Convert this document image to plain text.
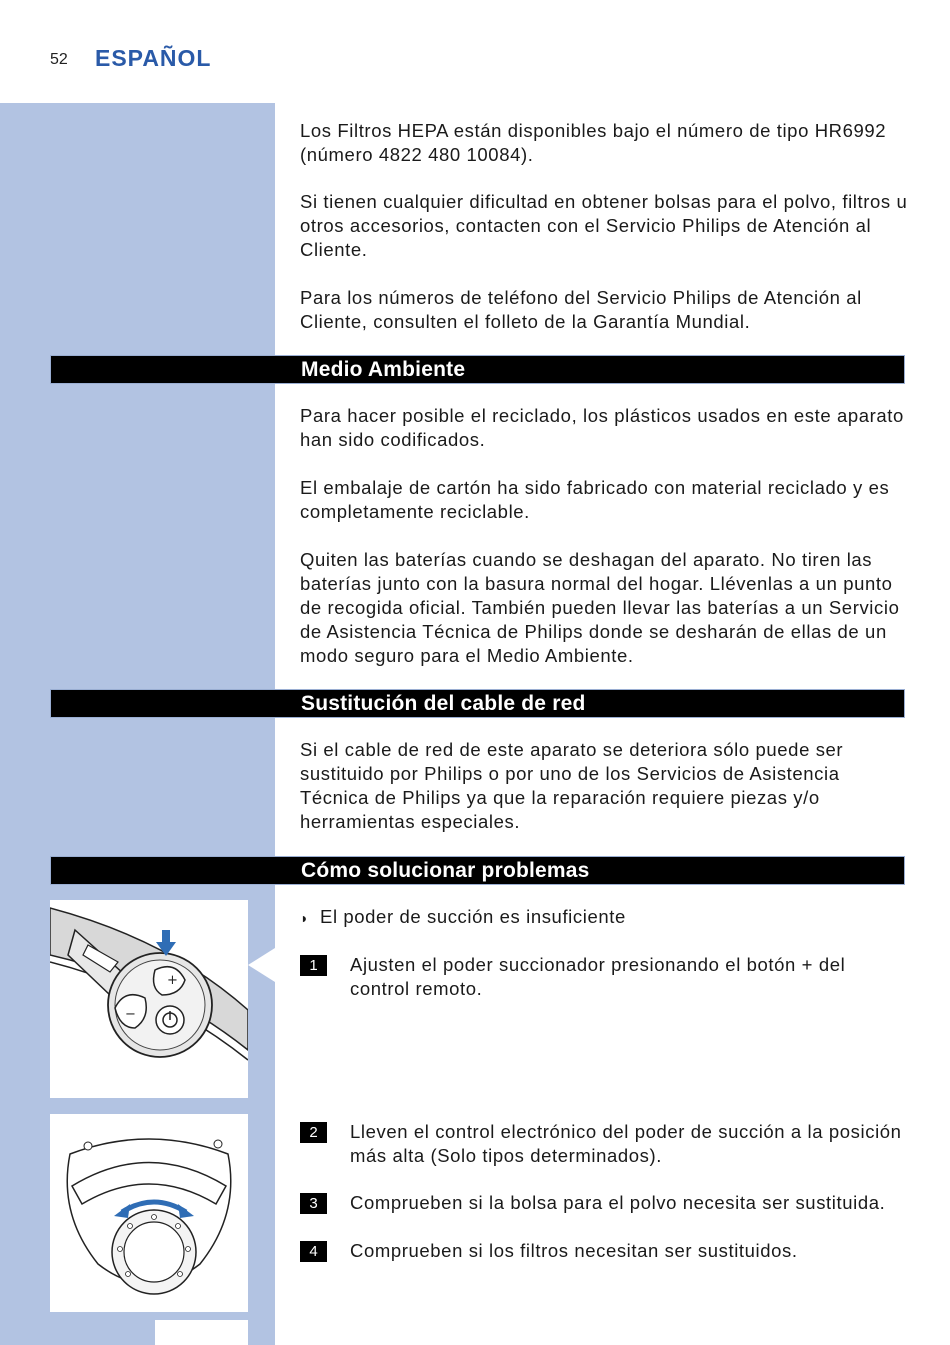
52 ESPAÑOL

Los Filtros HEPA están disponibles bajo el número de tipo HR6992 (número 4822 480 10084).

Si tienen cualquier dificultad en obtener bolsas para el polvo, filtros u otros accesorios, contacten con el Servicio Philips de Atención al Cliente.

Para los números de teléfono del Servicio Philips de Atención al Cliente, consulten el folleto de la Garantía Mundial.

Medio Ambiente

Para hacer posible el reciclado, los plásticos usados en este aparato han sido codificados.

El embalaje de cartón ha sido fabricado con material reciclado y es completamente reciclable.

Quiten las baterías cuando se deshagan del aparato. No tiren las baterías junto con la basura normal del hogar. Llévenlas a un punto de recogida oficial. También pueden llevar las baterías a un Servicio de Asistencia Técnica de Philips donde se desharán de ellas de un modo seguro para el Medio Ambiente.

Sustitución del cable de red

Si el cable de red de este aparato se deteriora sólo puede ser sustituido por Philips o por uno de los Servicios de Asistencia Técnica de Philips ya que la reparación requiere piezas y/o herramientas especiales.

Cómo solucionar problemas
◗ El poder de succión es insuficiente
1	Ajusten el poder succionador presionando el botón + del control remoto.

2	Lleven el control electrónico del poder de succión a la posición más alta (Solo tipos determinados).

3	Comprueben si la bolsa para el polvo necesita ser sustituida.

4	Comprueben si los filtros necesitan ser sustituidos.

+
−
